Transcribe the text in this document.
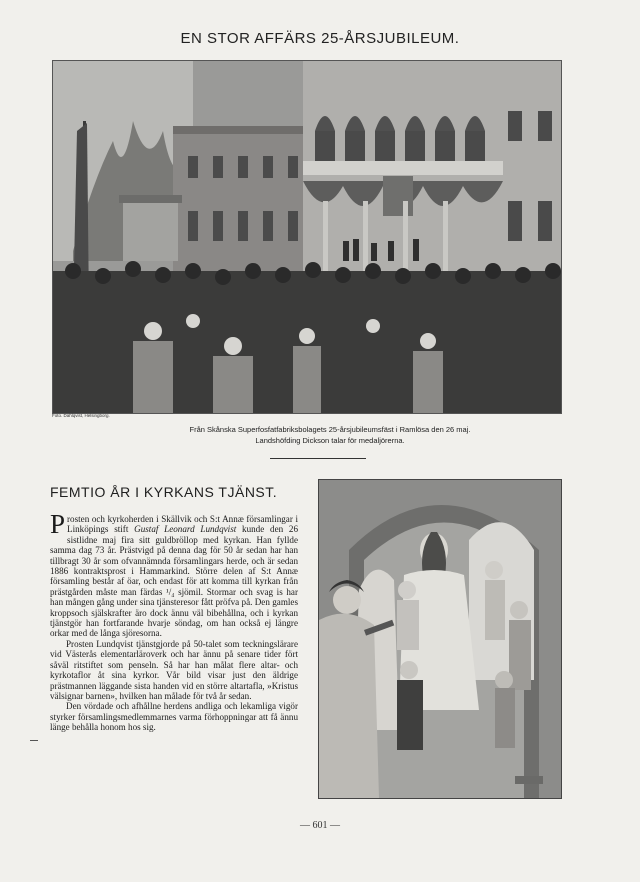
EN STOR AFFÄRS 25-ÅRSJUBILEUM.
Foto. Dahlqvist, Helsingborg.
Från Skånska Superfosfatfabriksbolagets 25-årsjubileumsfäst i Ramlösa den 26 maj.
Landshöfding Dickson talar för medaljörerna.
FEMTIO ÅR I KYRKANS TJÄNST.

Prosten och kyrkoherden i Skällvik och S:t Annæ församlingar i Linköpings stift Gustaf Leonard Lundqvist kunde den 26 sistlidne maj fira sitt guldbröllop med kyrkan. Han fyllde samma dag 73 år. Prästvigd på denna dag för 50 år sedan har han tillbragt 30 år som ofvannämnda församlingars herde, och är sedan 1886 kontraktsprost i Hammarkind. Större delen af S:t Annæ församling består af öar, och endast för att komma till kyrkan från prästgården måste man färdas ¹/₄ sjömil. Stormar och svag is har han mången gång under sina tjänsteresor fått pröfva på. Den gamles kroppsoch själskrafter äro dock ännu väl bibehållna, och i kyrkan tjänstgör han fortfarande hvarje söndag, om han också ej längre orkar med de långa sjöresorna.

Prosten Lundqvist tjänstgjorde på 50-talet som teckningslärare vid Västerås elementarläroverk och har ännu på senare tider fört såväl ritstiftet som penseln. Så har han målat flere altar- och kyrkotaflor åt sina kyrkor. Vår bild visar just den äldrige prästmannen läggande sista handen vid en större altartafla, »Kristus välsignar barnen», hvilken han målade för två år sedan.

Den vördade och afhållne herdens andliga och lekamliga vigör styrker församlingsmedlemmarnes varma förhoppningar att få ännu länge behålla honom hos sig.

— 601 —
